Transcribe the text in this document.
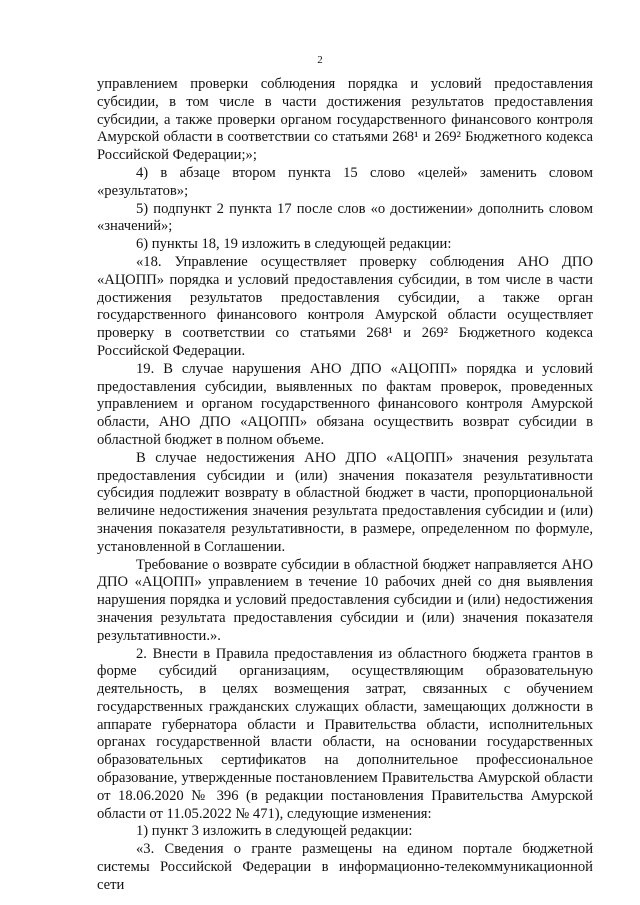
2

управлением проверки соблюдения порядка и условий предоставления субсидии, в том числе в части достижения результатов предоставления субсидии, а также проверки органом государственного финансового контроля Амурской области в соответствии со статьями 268¹ и 269² Бюджетного кодекса Российской Федерации;»;

4) в абзаце втором пункта 15 слово «целей» заменить словом «результатов»;

5) подпункт 2 пункта 17 после слов «о достижении» дополнить словом «значений»;

6) пункты 18, 19 изложить в следующей редакции:

«18. Управление осуществляет проверку соблюдения АНО ДПО «АЦОПП» порядка и условий предоставления субсидии, в том числе в части достижения результатов предоставления субсидии, а также орган государственного финансового контроля Амурской области осуществляет проверку в соответствии со статьями 268¹ и 269² Бюджетного кодекса Российской Федерации.

19. В случае нарушения АНО ДПО «АЦОПП» порядка и условий предоставления субсидии, выявленных по фактам проверок, проведенных управлением и органом государственного финансового контроля Амурской области, АНО ДПО «АЦОПП» обязана осуществить возврат субсидии в областной бюджет в полном объеме.

В случае недостижения АНО ДПО «АЦОПП» значения результата предоставления субсидии и (или) значения показателя результативности субсидия подлежит возврату в областной бюджет в части, пропорциональной величине недостижения значения результата предоставления субсидии и (или) значения показателя результативности, в размере, определенном по формуле, установленной в Соглашении.

Требование о возврате субсидии в областной бюджет направляется АНО ДПО «АЦОПП» управлением в течение 10 рабочих дней со дня выявления нарушения порядка и условий предоставления субсидии и (или) недостижения значения результата предоставления субсидии и (или) значения показателя результативности.».

2. Внести в Правила предоставления из областного бюджета грантов в форме субсидий организациям, осуществляющим образовательную деятельность, в целях возмещения затрат, связанных с обучением государственных гражданских служащих области, замещающих должности в аппарате губернатора области и Правительства области, исполнительных органах государственной власти области, на основании государственных образовательных сертификатов на дополнительное профессиональное образование, утвержденные постановлением Правительства Амурской области от 18.06.2020 № 396 (в редакции постановления Правительства Амурской области от 11.05.2022 № 471), следующие изменения:

1) пункт 3 изложить в следующей редакции:

«3. Сведения о гранте размещены на едином портале бюджетной системы Российской Федерации в информационно-телекоммуникационной сети
